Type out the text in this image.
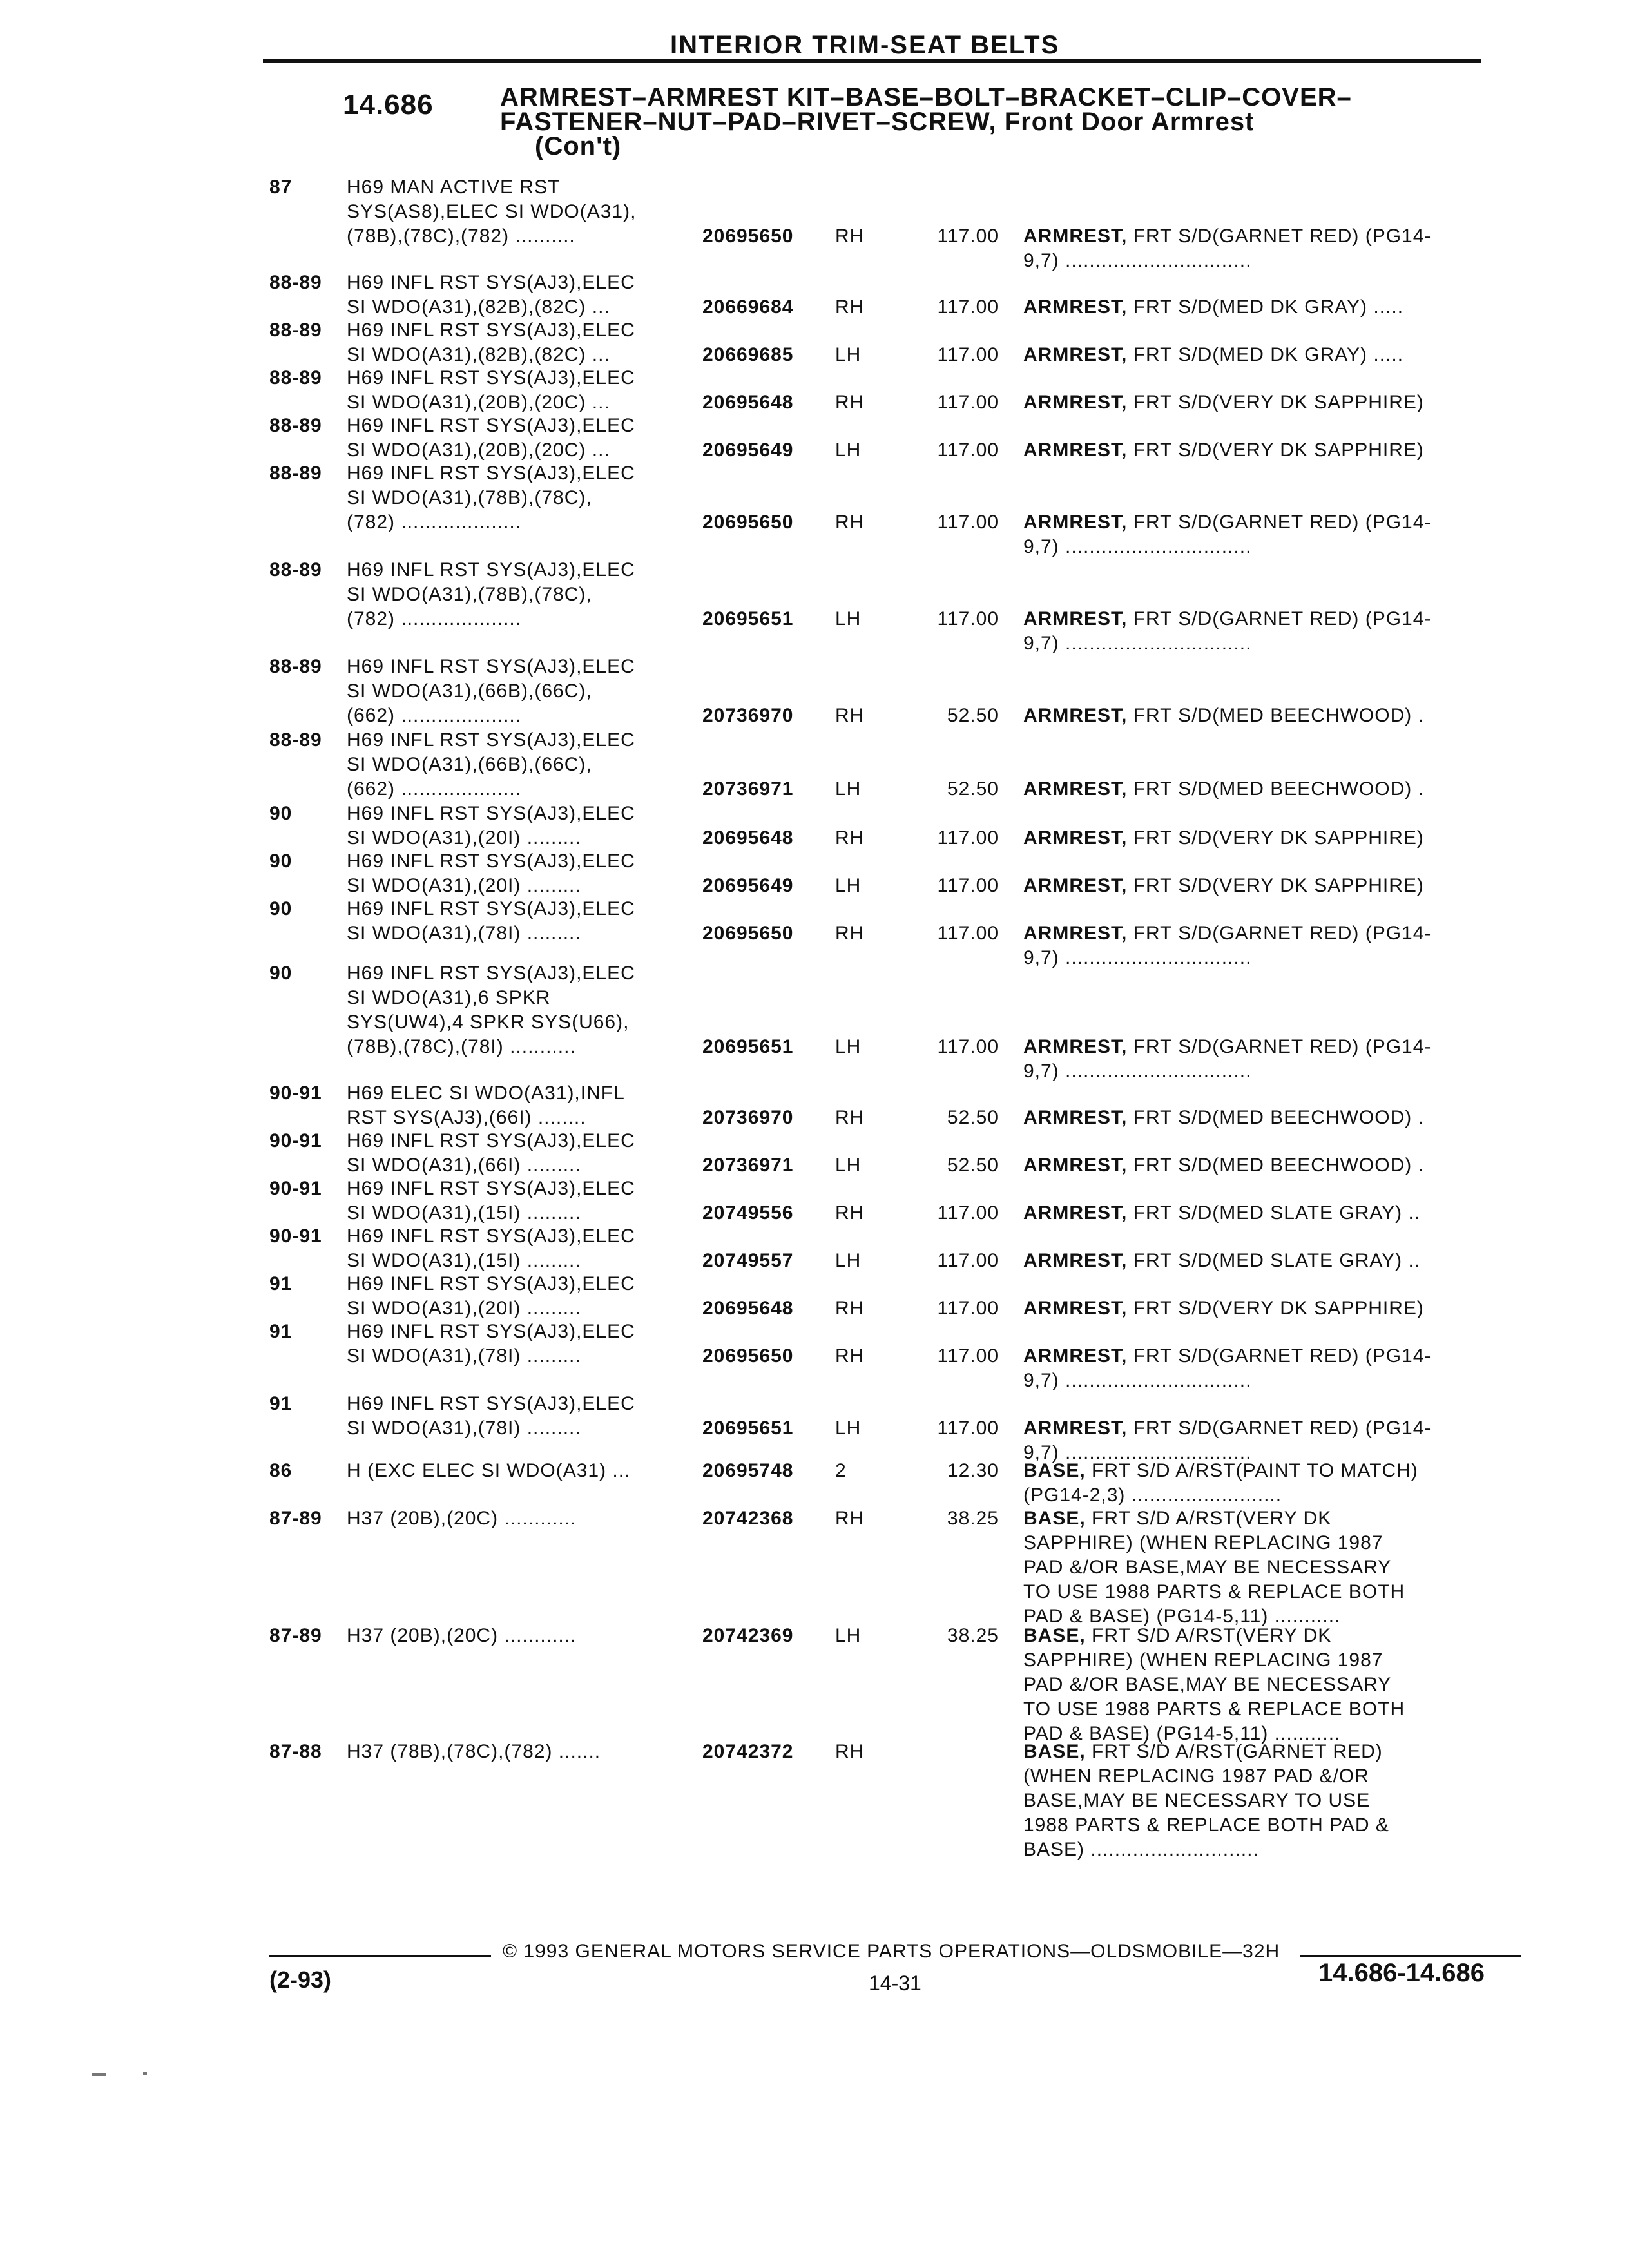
INTERIOR TRIM-SEAT BELTS
14.686	ARMREST–ARMREST KIT–BASE–BOLT–BRACKET–CLIP–COVER–FASTENER–NUT–PAD–RIVET–SCREW, Front Door Armrest
(Con't)
87	H69 MAN ACTIVE RST
SYS(AS8),ELEC SI WDO(A31),
(78B),(78C),(782) ..........	20695650 RH	117.00 ARMREST, FRT S/D(GARNET RED) (PG14-
9,7) ...............................
88-89 H69 INFL RST SYS(AJ3),ELEC
SI WDO(A31),(82B),(82C) ...	20669684 RH	117.00 ARMREST, FRT S/D(MED DK GRAY) .....
88-89 H69 INFL RST SYS(AJ3),ELEC
SI WDO(A31),(82B),(82C) ...	20669685 LH	117.00 ARMREST, FRT S/D(MED DK GRAY) .....
88-89 H69 INFL RST SYS(AJ3),ELEC
SI WDO(A31),(20B),(20C) ...	20695648 RH	117.00 ARMREST, FRT S/D(VERY DK SAPPHIRE)
88-89 H69 INFL RST SYS(AJ3),ELEC
SI WDO(A31),(20B),(20C) ...	20695649 LH	117.00 ARMREST, FRT S/D(VERY DK SAPPHIRE)
88-89 H69 INFL RST SYS(AJ3),ELEC
SI WDO(A31),(78B),(78C),
(782) ....................	20695650 RH	117.00 ARMREST, FRT S/D(GARNET RED) (PG14-
9,7) ...............................
88-89 H69 INFL RST SYS(AJ3),ELEC
SI WDO(A31),(78B),(78C),
(782) ....................	20695651 LH	117.00 ARMREST, FRT S/D(GARNET RED) (PG14-
9,7) ...............................
88-89 H69 INFL RST SYS(AJ3),ELEC
SI WDO(A31),(66B),(66C),
(662) ....................	20736970 RH	52.50 ARMREST, FRT S/D(MED BEECHWOOD) .
88-89 H69 INFL RST SYS(AJ3),ELEC
SI WDO(A31),(66B),(66C),
(662) ....................	20736971 LH	52.50 ARMREST, FRT S/D(MED BEECHWOOD) .
90	H69 INFL RST SYS(AJ3),ELEC
SI WDO(A31),(20I) .........	20695648 RH	117.00 ARMREST, FRT S/D(VERY DK SAPPHIRE)
90	H69 INFL RST SYS(AJ3),ELEC
SI WDO(A31),(20I) .........	20695649 LH	117.00 ARMREST, FRT S/D(VERY DK SAPPHIRE)
90	H69 INFL RST SYS(AJ3),ELEC
SI WDO(A31),(78I) .........	20695650 RH	117.00 ARMREST, FRT S/D(GARNET RED) (PG14-
9,7) ...............................
90	H69 INFL RST SYS(AJ3),ELEC
SI WDO(A31),6 SPKR
SYS(UW4),4 SPKR SYS(U66),
(78B),(78C),(78I) ...........	20695651 LH	117.00 ARMREST, FRT S/D(GARNET RED) (PG14-
9,7) ...............................
90-91 H69 ELEC SI WDO(A31),INFL
RST SYS(AJ3),(66I) ........	20736970 RH	52.50 ARMREST, FRT S/D(MED BEECHWOOD) .
90-91 H69 INFL RST SYS(AJ3),ELEC
SI WDO(A31),(66I) .........	20736971 LH	52.50 ARMREST, FRT S/D(MED BEECHWOOD) .
90-91 H69 INFL RST SYS(AJ3),ELEC
SI WDO(A31),(15I) .........	20749556 RH	117.00 ARMREST, FRT S/D(MED SLATE GRAY) ..
90-91 H69 INFL RST SYS(AJ3),ELEC
SI WDO(A31),(15I) .........	20749557 LH	117.00 ARMREST, FRT S/D(MED SLATE GRAY) ..
91	H69 INFL RST SYS(AJ3),ELEC
SI WDO(A31),(20I) .........	20695648 RH	117.00 ARMREST, FRT S/D(VERY DK SAPPHIRE)
91	H69 INFL RST SYS(AJ3),ELEC
SI WDO(A31),(78I) .........	20695650 RH	117.00 ARMREST, FRT S/D(GARNET RED) (PG14-
9,7) ...............................
91	H69 INFL RST SYS(AJ3),ELEC
SI WDO(A31),(78I) .........	20695651 LH	117.00 ARMREST, FRT S/D(GARNET RED) (PG14-
9,7) ...............................
86	H (EXC ELEC SI WDO(A31) ...	20695748 2	12.30 BASE, FRT S/D A/RST(PAINT TO MATCH)
(PG14-2,3) .........................
87-89 H37 (20B),(20C) ............	20742368 RH	38.25 BASE, FRT S/D A/RST(VERY DK
SAPPHIRE) (WHEN REPLACING 1987
PAD &/OR BASE,MAY BE NECESSARY
TO USE 1988 PARTS & REPLACE BOTH
PAD & BASE) (PG14-5,11) ...........
87-89 H37 (20B),(20C) ............	20742369 LH	38.25 BASE, FRT S/D A/RST(VERY DK
SAPPHIRE) (WHEN REPLACING 1987
PAD &/OR BASE,MAY BE NECESSARY
TO USE 1988 PARTS & REPLACE BOTH
PAD & BASE) (PG14-5,11) ...........
87-88 H37 (78B),(78C),(782) .......	20742372 RH	BASE, FRT S/D A/RST(GARNET RED)
(WHEN REPLACING 1987 PAD &/OR
BASE,MAY BE NECESSARY TO USE
1988 PARTS & REPLACE BOTH PAD &
BASE) ............................
© 1993 GENERAL MOTORS SERVICE PARTS OPERATIONS—OLDSMOBILE—32H
(2-93)	14-31	14.686-14.686
